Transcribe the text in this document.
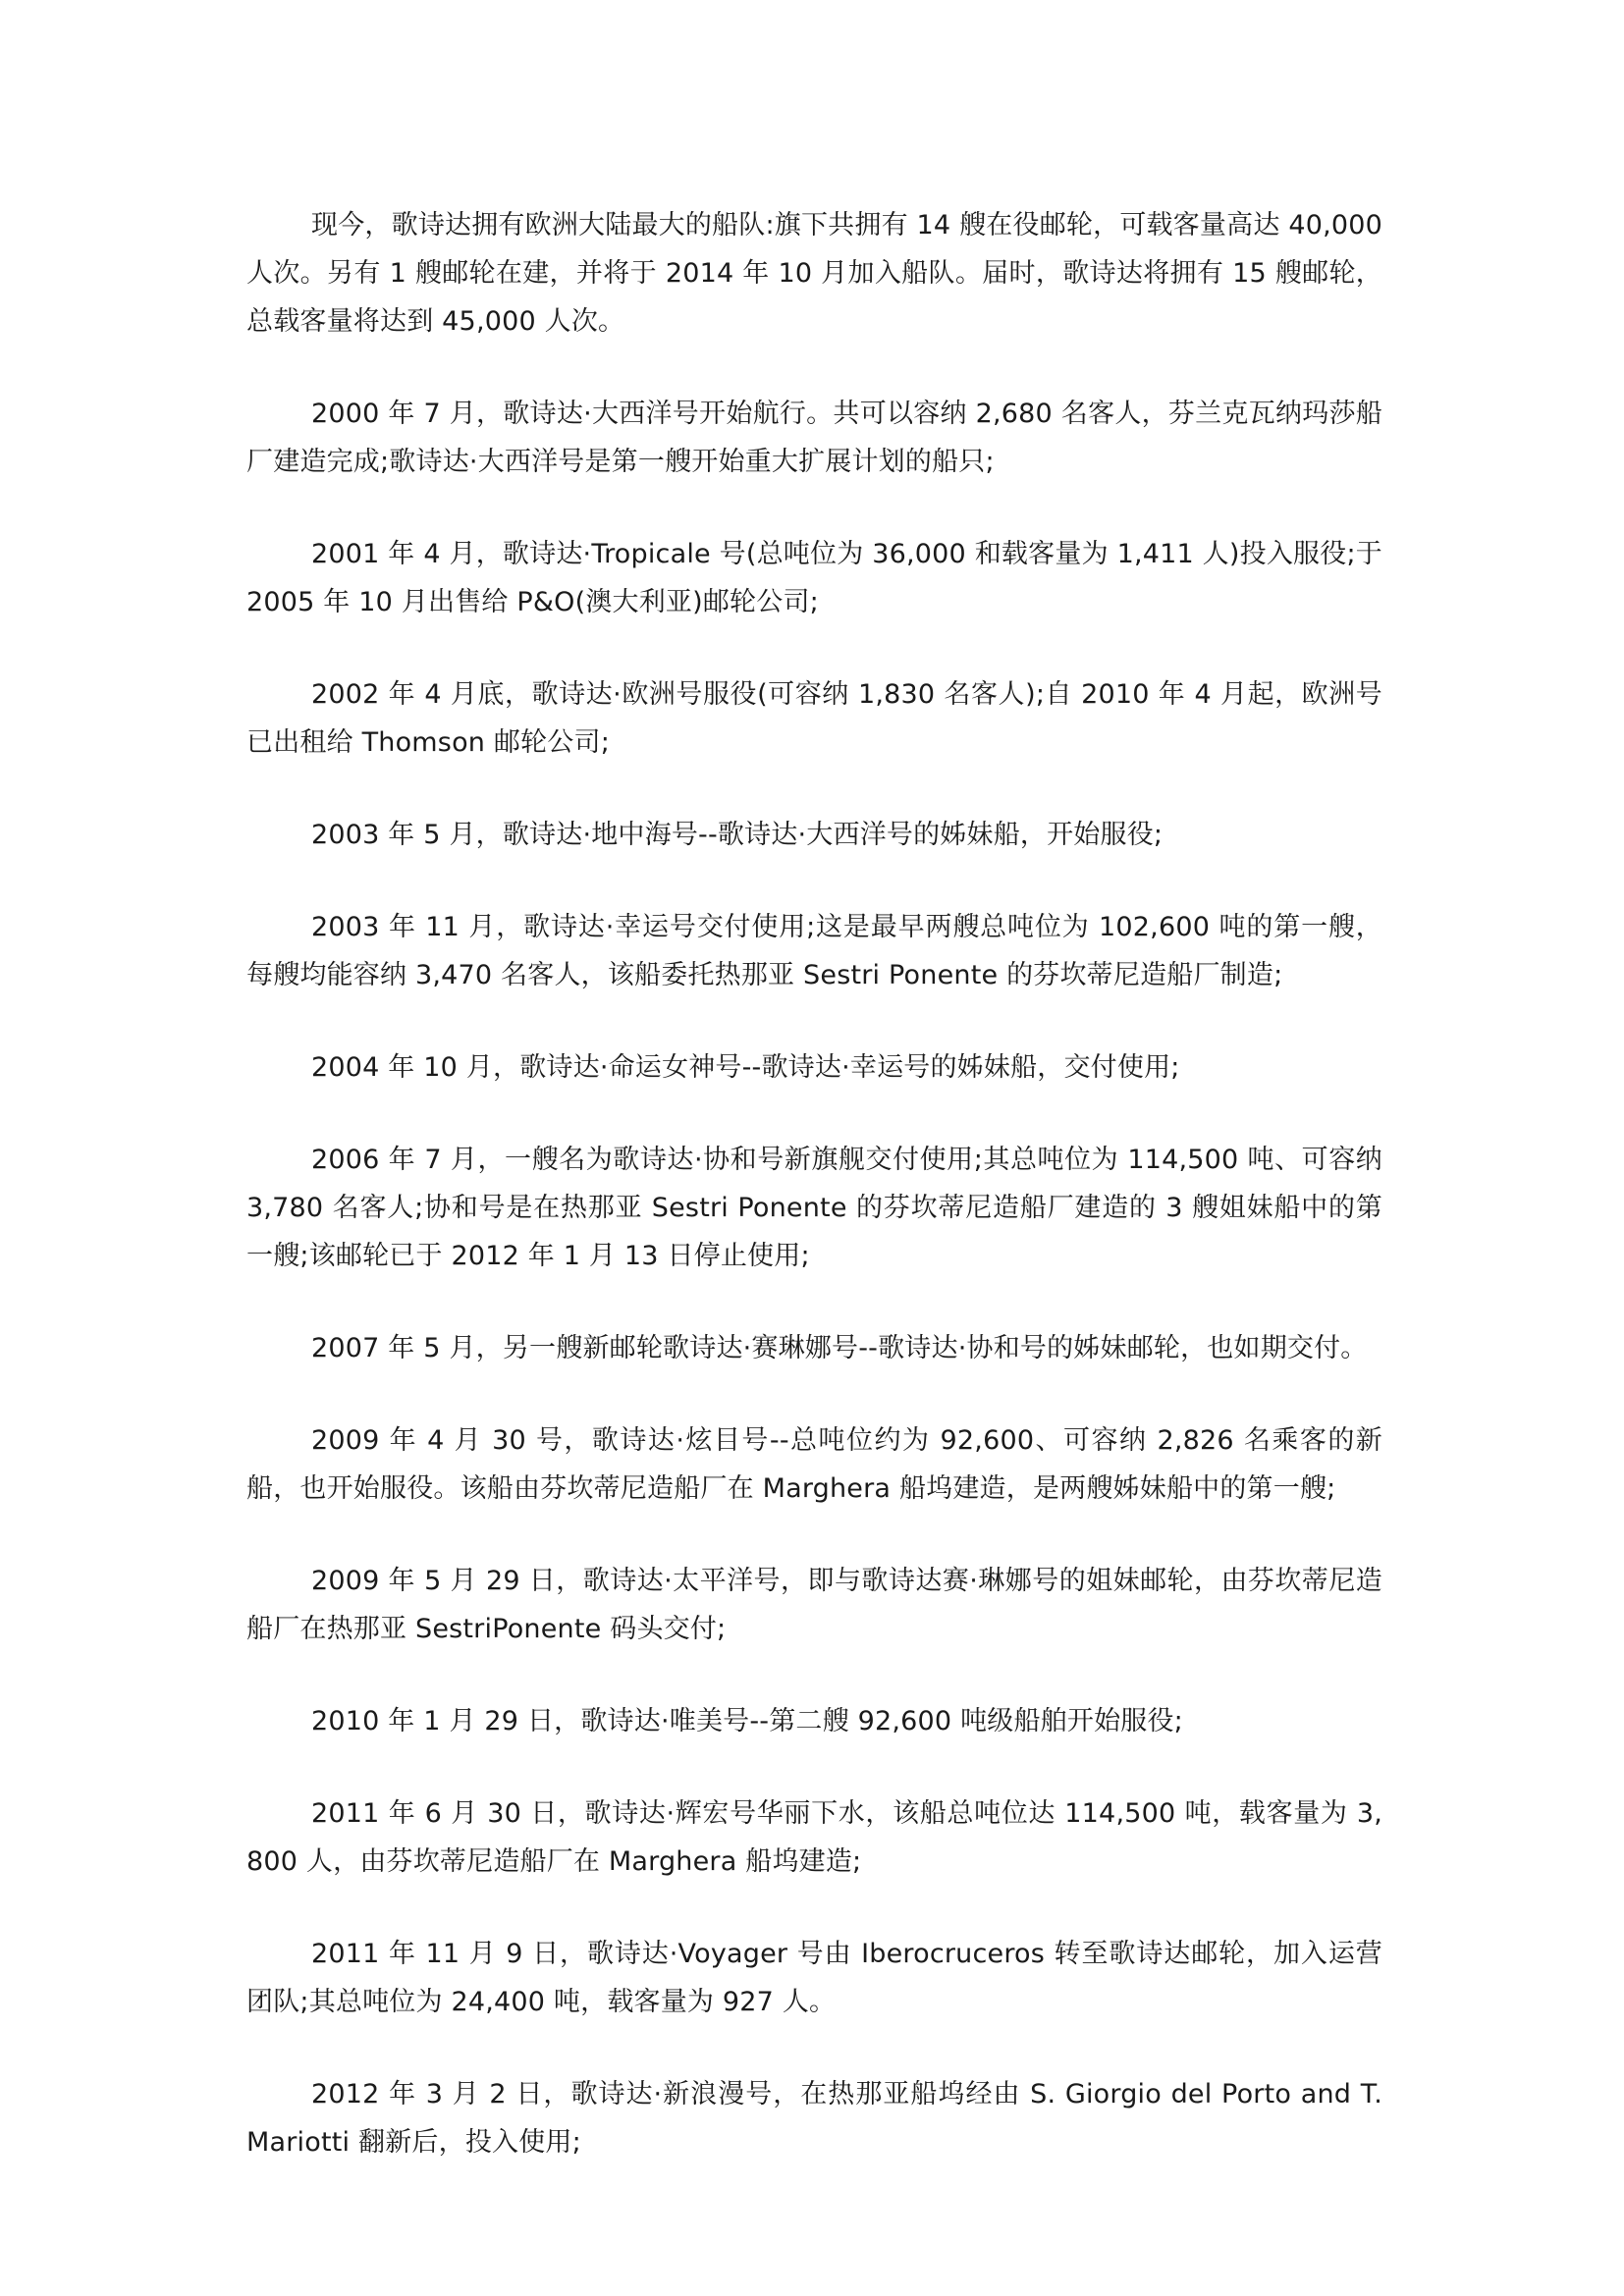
现今，歌诗达拥有欧洲大陆最大的船队:旗下共拥有 14 艘在役邮轮，可载客量高达 40,000 人次。另有 1 艘邮轮在建，并将于 2014 年 10 月加入船队。届时，歌诗达将拥有 15 艘邮轮，总载客量将达到 45,000 人次。

2000 年 7 月，歌诗达·大西洋号开始航行。共可以容纳 2,680 名客人，芬兰克瓦纳玛莎船厂建造完成;歌诗达·大西洋号是第一艘开始重大扩展计划的船只;

2001 年 4 月，歌诗达·Tropicale 号(总吨位为 36,000 和载客量为 1,411 人)投入服役;于 2005 年 10 月出售给 P&O(澳大利亚)邮轮公司;

2002 年 4 月底，歌诗达·欧洲号服役(可容纳 1,830 名客人);自 2010 年 4 月起，欧洲号已出租给 Thomson 邮轮公司;

2003 年 5 月，歌诗达·地中海号--歌诗达·大西洋号的姊妹船，开始服役;

2003 年 11 月，歌诗达·幸运号交付使用;这是最早两艘总吨位为 102,600 吨的第一艘，每艘均能容纳 3,470 名客人，该船委托热那亚 Sestri Ponente 的芬坎蒂尼造船厂制造;

2004 年 10 月，歌诗达·命运女神号--歌诗达·幸运号的姊妹船，交付使用;

2006 年 7 月，一艘名为歌诗达·协和号新旗舰交付使用;其总吨位为 114,500 吨、可容纳 3,780 名客人;协和号是在热那亚 Sestri Ponente 的芬坎蒂尼造船厂建造的 3 艘姐妹船中的第一艘;该邮轮已于 2012 年 1 月 13 日停止使用;

2007 年 5 月，另一艘新邮轮歌诗达·赛琳娜号--歌诗达·协和号的姊妹邮轮，也如期交付。

2009 年 4 月 30 号，歌诗达·炫目号--总吨位约为 92,600、可容纳 2,826 名乘客的新船，也开始服役。该船由芬坎蒂尼造船厂在 Marghera 船坞建造，是两艘姊妹船中的第一艘;

2009 年 5 月 29 日，歌诗达·太平洋号，即与歌诗达赛·琳娜号的姐妹邮轮，由芬坎蒂尼造船厂在热那亚 SestriPonente 码头交付;

2010 年 1 月 29 日，歌诗达·唯美号--第二艘 92,600 吨级船舶开始服役;

2011 年 6 月 30 日，歌诗达·辉宏号华丽下水，该船总吨位达 114,500 吨，载客量为 3,800 人，由芬坎蒂尼造船厂在 Marghera 船坞建造;

2011 年 11 月 9 日，歌诗达·Voyager 号由 Iberocruceros 转至歌诗达邮轮，加入运营团队;其总吨位为 24,400 吨，载客量为 927 人。

2012 年 3 月 2 日，歌诗达·新浪漫号，在热那亚船坞经由 S. Giorgio del Porto and T. Mariotti 翻新后，投入使用;
